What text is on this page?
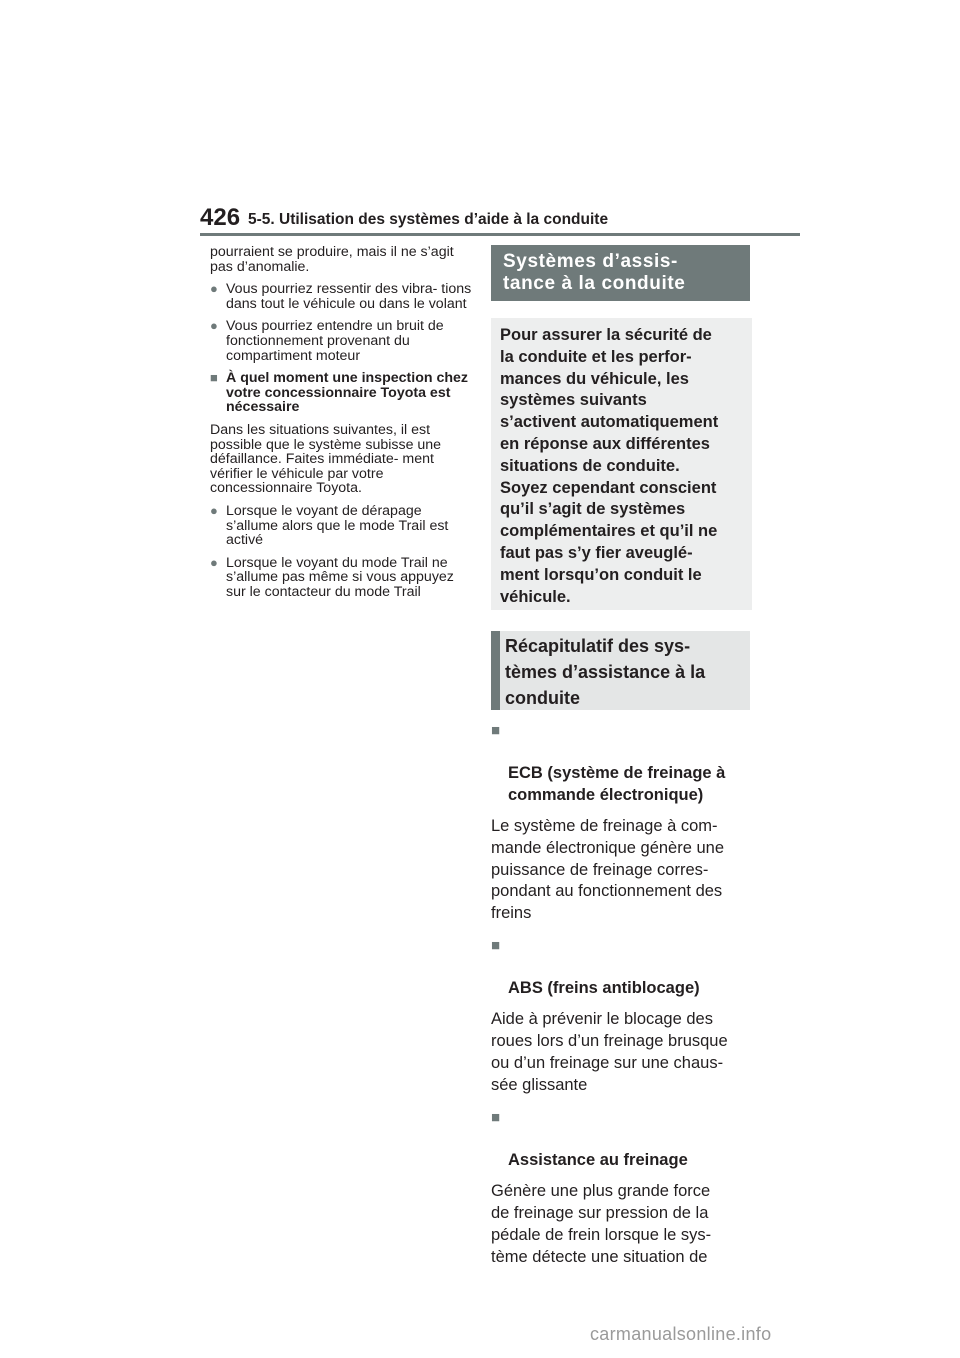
426 5-5. Utilisation des systèmes d’aide à la conduite

pourraient se produire, mais il ne s’agit pas d’anomalie.

● Vous pourriez ressentir des vibra- tions dans tout le véhicule ou dans le volant
● Vous pourriez entendre un bruit de fonctionnement provenant du compartiment moteur
■ À quel moment une inspection chez votre concessionnaire Toyota est nécessaire

Dans les situations suivantes, il est possible que le système subisse une défaillance. Faites immédiate- ment vérifier le véhicule par votre concessionnaire Toyota.

● Lorsque le voyant de dérapage s’allume alors que le mode Trail est activé
● Lorsque le voyant du mode Trail ne s’allume pas même si vous appuyez sur le contacteur du mode Trail
Systèmes d’assis-
tance à la conduite
Pour assurer la sécurité de
la conduite et les perfor-
mances du véhicule, les
systèmes suivants
s’activent automatiquement
en réponse aux différentes
situations de conduite.
Soyez cependant conscient
qu’il s’agit de systèmes
complémentaires et qu’il ne
faut pas s’y fier aveuglé-
ment lorsqu’on conduit le
véhicule.
Récapitulatif des sys-
tèmes d’assistance à la
conduite

■

ECB (système de freinage à
commande électronique)

Le système de freinage à com-
mande électronique génère une
puissance de freinage corres-
pondant au fonctionnement des
freins

■

ABS (freins antiblocage)

Aide à prévenir le blocage des
roues lors d’un freinage brusque
ou d’un freinage sur une chaus-
sée glissante

■

Assistance au freinage

Génère une plus grande force
de freinage sur pression de la
pédale de frein lorsque le sys-
tème détecte une situation de
carmanualsonline.info
